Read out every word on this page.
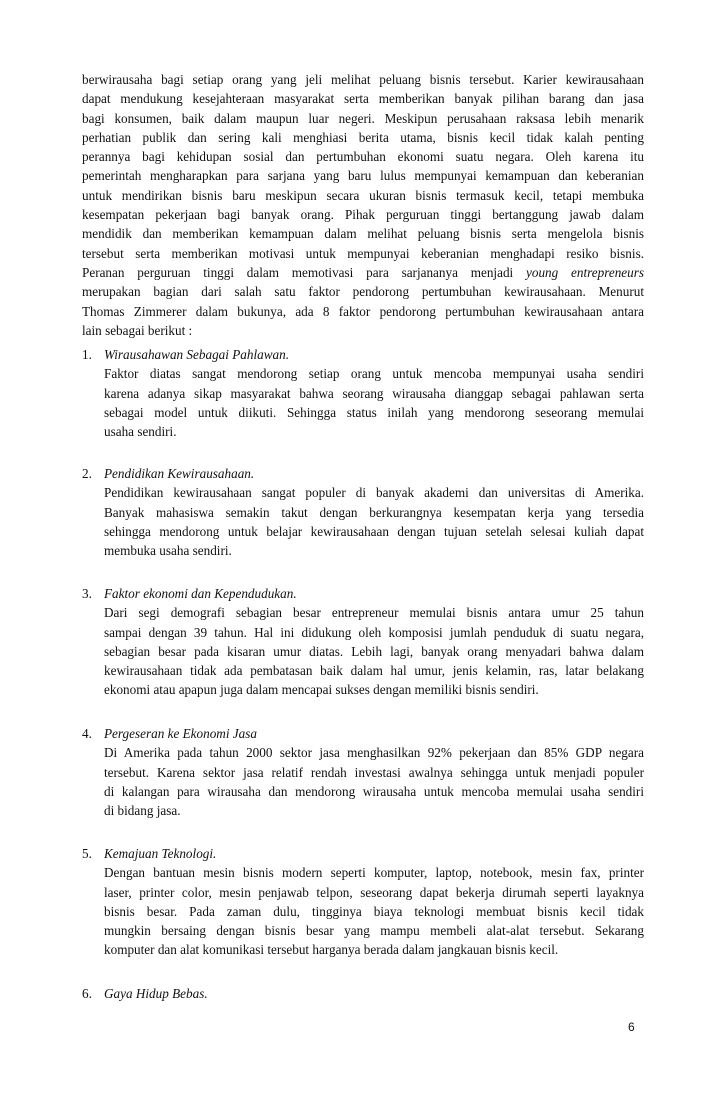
berwirausaha bagi setiap orang yang jeli melihat peluang bisnis tersebut. Karier kewirausahaan
dapat mendukung kesejahteraan masyarakat serta memberikan banyak pilihan barang dan jasa
bagi konsumen, baik dalam maupun luar negeri. Meskipun perusahaan raksasa lebih menarik
perhatian publik dan sering kali menghiasi berita utama, bisnis kecil tidak kalah penting
perannya bagi kehidupan sosial dan pertumbuhan ekonomi suatu negara. Oleh karena itu
pemerintah mengharapkan para sarjana yang baru lulus mempunyai kemampuan dan keberanian
untuk mendirikan bisnis baru meskipun secara ukuran bisnis termasuk kecil, tetapi membuka
kesempatan pekerjaan bagi banyak orang. Pihak perguruan tinggi bertanggung jawab dalam
mendidik dan memberikan kemampuan dalam melihat peluang bisnis serta mengelola bisnis
tersebut serta memberikan motivasi untuk mempunyai keberanian menghadapi resiko bisnis.
Peranan perguruan tinggi dalam memotivasi para sarjananya menjadi young entrepreneurs
merupakan bagian dari salah satu faktor pendorong pertumbuhan kewirausahaan. Menurut
Thomas Zimmerer dalam bukunya, ada 8 faktor pendorong pertumbuhan kewirausahaan antara
lain sebagai berikut :
1. Wirausahawan Sebagai Pahlawan.
Faktor diatas sangat mendorong setiap orang untuk mencoba mempunyai usaha sendiri
karena adanya sikap masyarakat bahwa seorang wirausaha dianggap sebagai pahlawan serta
sebagai model untuk diikuti. Sehingga status inilah yang mendorong seseorang memulai
usaha sendiri.
2. Pendidikan Kewirausahaan.
Pendidikan kewirausahaan sangat populer di banyak akademi dan universitas di Amerika.
Banyak mahasiswa semakin takut dengan berkurangnya kesempatan kerja yang tersedia
sehingga mendorong untuk belajar kewirausahaan dengan tujuan setelah selesai kuliah dapat
membuka usaha sendiri.
3. Faktor ekonomi dan Kependudukan.
Dari segi demografi sebagian besar entrepreneur memulai bisnis antara umur 25 tahun
sampai dengan 39 tahun. Hal ini didukung oleh komposisi jumlah penduduk di suatu negara,
sebagian besar pada kisaran umur diatas. Lebih lagi, banyak orang menyadari bahwa dalam
kewirausahaan tidak ada pembatasan baik dalam hal umur, jenis kelamin, ras, latar belakang
ekonomi atau apapun juga dalam mencapai sukses dengan memiliki bisnis sendiri.
4. Pergeseran ke Ekonomi Jasa
Di Amerika pada tahun 2000 sektor jasa menghasilkan 92% pekerjaan dan 85% GDP negara
tersebut. Karena sektor jasa relatif rendah investasi awalnya sehingga untuk menjadi populer
di kalangan para wirausaha dan mendorong wirausaha untuk mencoba memulai usaha sendiri
di bidang jasa.
5. Kemajuan Teknologi.
Dengan bantuan mesin bisnis modern seperti komputer, laptop, notebook, mesin fax, printer
laser, printer color, mesin penjawab telpon, seseorang dapat bekerja dirumah seperti layaknya
bisnis besar. Pada zaman dulu, tingginya biaya teknologi membuat bisnis kecil tidak
mungkin bersaing dengan bisnis besar yang mampu membeli alat-alat tersebut. Sekarang
komputer dan alat komunikasi tersebut harganya berada dalam jangkauan bisnis kecil.
6. Gaya Hidup Bebas.
6
